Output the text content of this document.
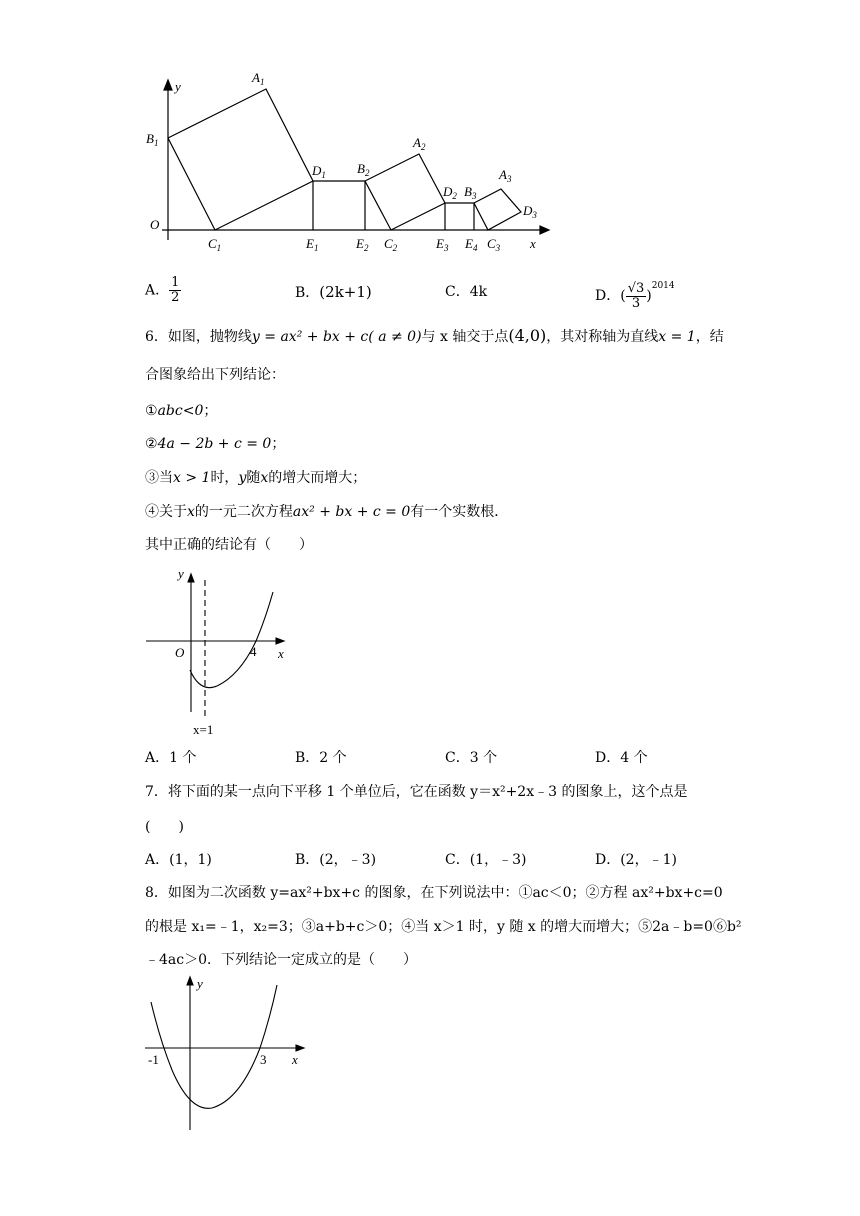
y
x
O
$A_1$
$B_1$
$C_1$
$D_1$
$E_1$
$B_2$
$A_2$
$E_2$ $C_2$
$D_2$ $B_3$
$A_3$
$E_3$ $E_4$ $C_3$
$D_3$
A． $\frac{1}{2}$	B．(2k+1)	C．4k	D．( $\frac{√3}{3} )^{2014}$
6．如图，抛物线y = ax² + bx + c( a ≠ 0)与 x 轴交于点(4,0)，其对称轴为直线x = 1，结
合图象给出下列结论：
①abc<0；
②4a − 2b + c = 0；
③当x > 1时，y随x的增大而增大；
④关于x的一元二次方程ax² + bx + c = 0有一个实数根．
其中正确的结论有（　　）
y
x
O	4
x=1
A．1 个	B．2 个	C．3 个	D．4 个
7．将下面的某一点向下平移 1 个单位后，它在函数 y＝x²+2x﹣3 的图象上，这个点是
(　　)
A．(1，1)	B．(2，﹣3)	C．(1，﹣3)	D．(2，﹣1)
8．如图为二次函数 y=ax²+bx+c 的图象，在下列说法中：①ac＜0；②方程 ax²+bx+c=0
的根是 x₁=﹣1，x₂=3；③a+b+c＞0；④当 x＞1 时，y 随 x 的增大而增大；⑤2a﹣b=0⑥b²
﹣4ac＞0．下列结论一定成立的是（　　）
y
x
-1	3
